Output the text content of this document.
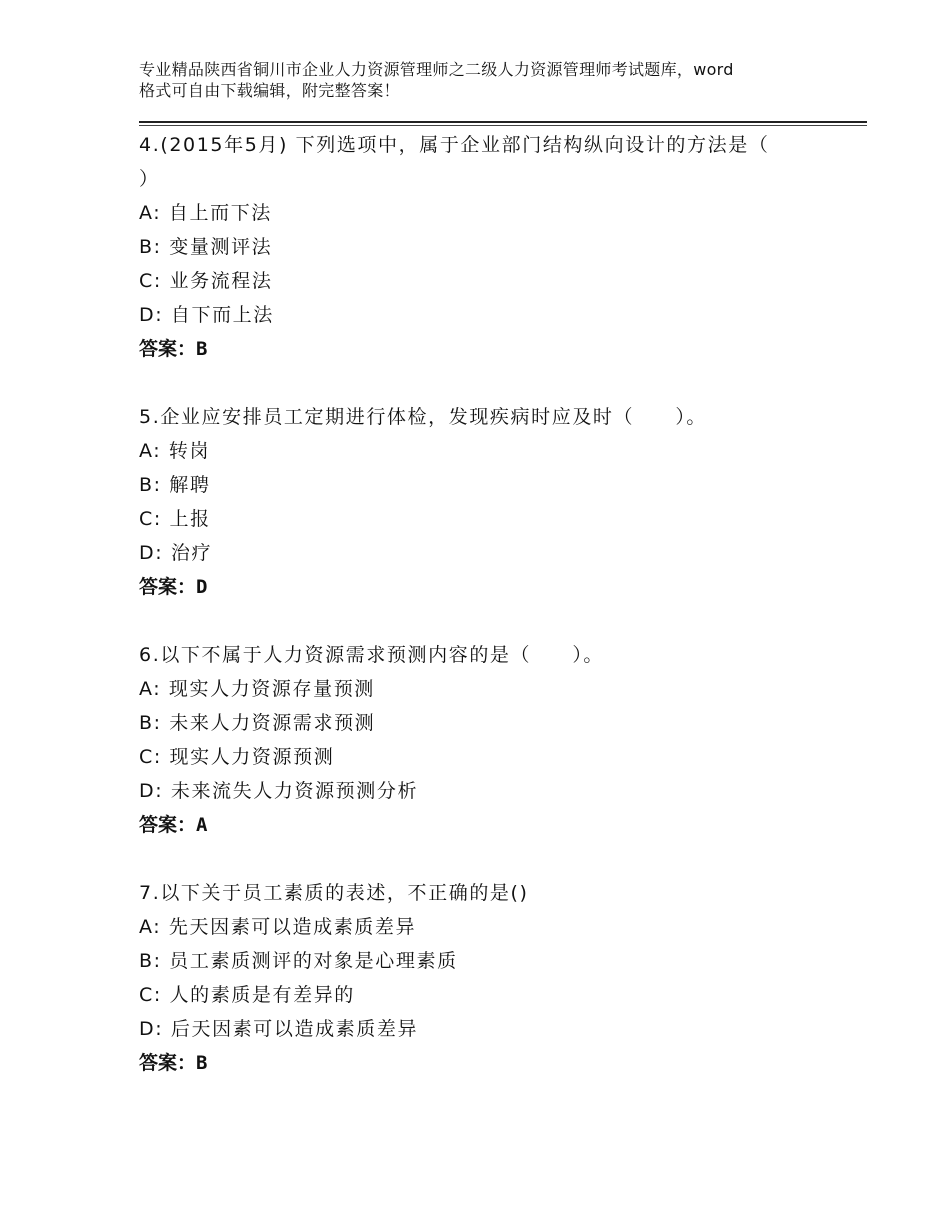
专业精品陕西省铜川市企业人力资源管理师之二级人力资源管理师考试题库，word
格式可自由下载编辑，附完整答案！

4.(2015年5月) 下列选项中，属于企业部门结构纵向设计的方法是（

）

A: 自上而下法

B: 变量测评法

C: 业务流程法

D: 自下而上法

答案：B

5.企业应安排员工定期进行体检，发现疾病时应及时（　　）。

A: 转岗

B: 解聘

C: 上报

D: 治疗

答案：D

6.以下不属于人力资源需求预测内容的是（　　）。

A: 现实人力资源存量预测

B: 未来人力资源需求预测

C: 现实人力资源预测

D: 未来流失人力资源预测分析

答案：A

7.以下关于员工素质的表述，不正确的是()

A: 先天因素可以造成素质差异

B: 员工素质测评的对象是心理素质

C: 人的素质是有差异的

D: 后天因素可以造成素质差异

答案：B
